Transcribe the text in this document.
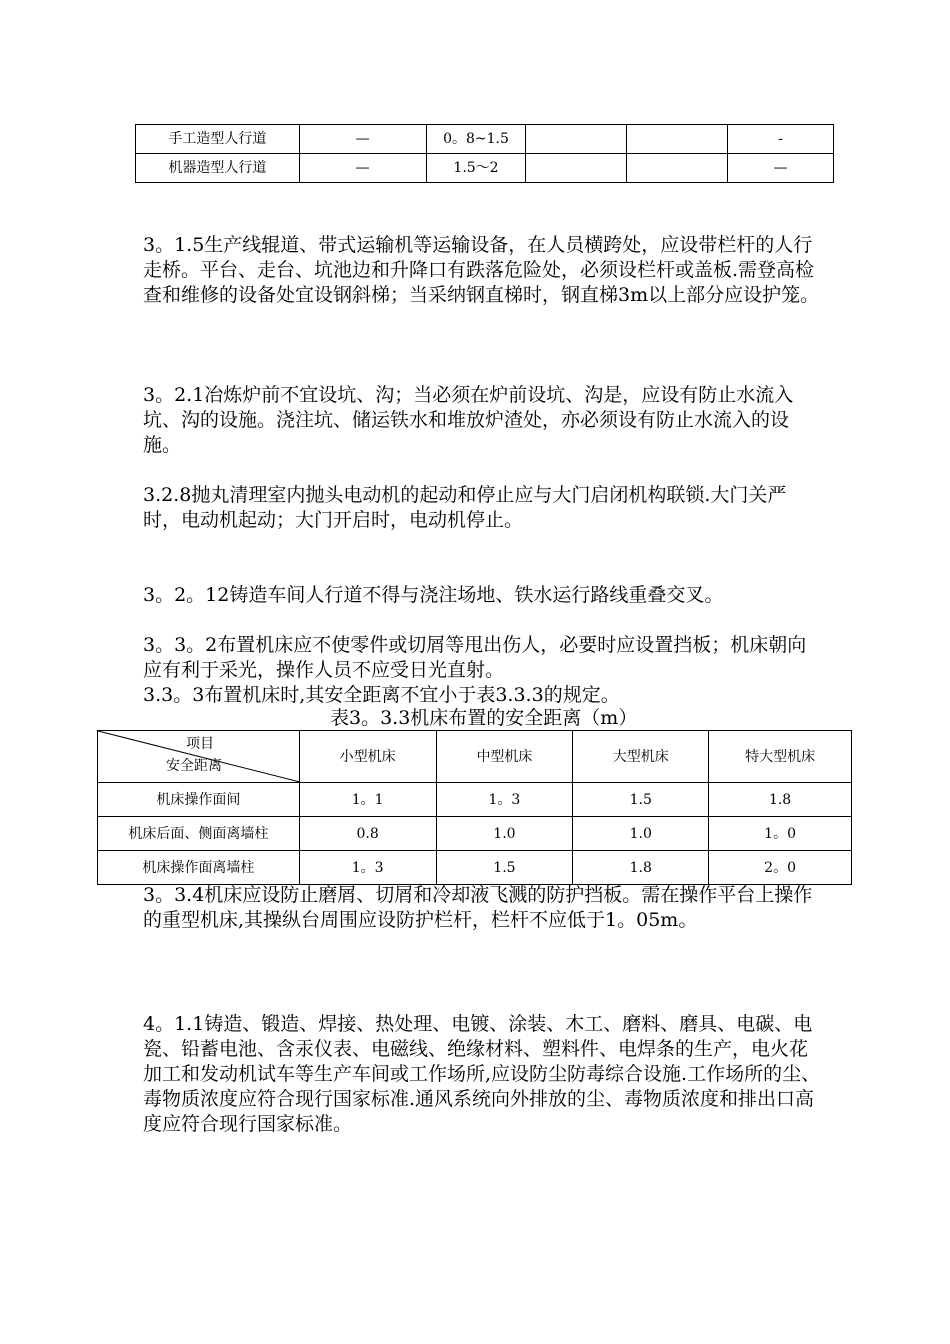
手工造型人行道	—	0。8~1.5			-
机器造型人行道	—	1.5～2			—

3。1.5生产线辊道、带式运输机等运输设备，在人员横跨处，应设带栏杆的人行走桥。平台、走台、坑池边和升降口有跌落危险处，必须设栏杆或盖板.需登高检查和维修的设备处宜设钢斜梯；当采纳钢直梯时，钢直梯3m以上部分应设护笼。

3。2.1冶炼炉前不宜设坑、沟；当必须在炉前设坑、沟是，应设有防止水流入坑、沟的设施。浇注坑、储运铁水和堆放炉渣处，亦必须设有防止水流入的设施。

3.2.8抛丸清理室内抛头电动机的起动和停止应与大门启闭机构联锁.大门关严时，电动机起动；大门开启时，电动机停止。

3。2。12铸造车间人行道不得与浇注场地、铁水运行路线重叠交叉。

3。3。2布置机床应不使零件或切屑等甩出伤人，必要时应设置挡板；机床朝向应有利于采光，操作人员不应受日光直射。

3.3。3布置机床时,其安全距离不宜小于表3.3.3的规定。

表3。3.3机床布置的安全距离（m）
项目
安全距离	小型机床	中型机床	大型机床	特大型机床
机床操作面间	1。1	1。3	1.5	1.8
机床后面、侧面离墙柱	0.8	1.0	1.0	1。0
机床操作面离墙柱	1。3	1.5	1.8	2。0

3。3.4机床应设防止磨屑、切屑和冷却液飞溅的防护挡板。需在操作平台上操作的重型机床,其操纵台周围应设防护栏杆，栏杆不应低于1。05m。

4。1.1铸造、锻造、焊接、热处理、电镀、涂装、木工、磨料、磨具、电碳、电瓷、铅蓄电池、含汞仪表、电磁线、绝缘材料、塑料件、电焊条的生产，电火花加工和发动机试车等生产车间或工作场所,应设防尘防毒综合设施.工作场所的尘、毒物质浓度应符合现行国家标准.通风系统向外排放的尘、毒物质浓度和排出口高度应符合现行国家标准。
